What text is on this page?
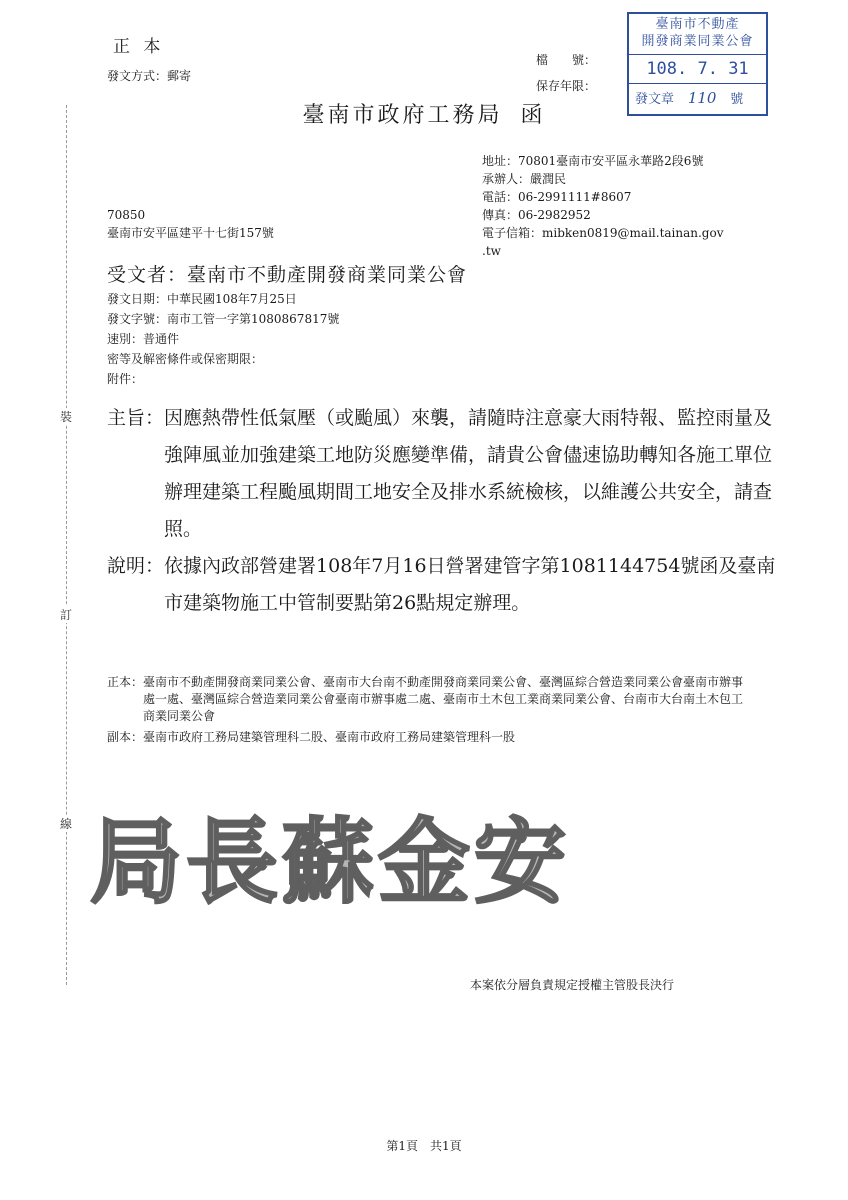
裝
訂
線
正 本
發文方式：郵寄
檔　　號：
保存年限：
臺南市不動產
開發商業同業公會
108. 7. 31
發文章 110 號
臺南市政府工務局 函
地址：70801臺南市安平區永華路2段6號
承辦人：嚴潤民
電話：06-2991111#8607
傳真：06-2982952
電子信箱：mibken0819@mail.tainan.gov
.tw
70850
臺南市安平區建平十七街157號
受文者：臺南市不動產開發商業同業公會
發文日期：中華民國108年7月25日
發文字號：南市工管一字第1080867817號
速別：普通件
密等及解密條件或保密期限：
附件：
主旨： 因應熱帶性低氣壓（或颱風）來襲，請隨時注意豪大雨特報、監控雨量及強陣風並加強建築工地防災應變準備，請貴公會儘速協助轉知各施工單位辦理建築工程颱風期間工地安全及排水系統檢核，以維護公共安全，請查照。
說明： 依據內政部營建署108年7月16日營署建管字第1081144754號函及臺南市建築物施工中管制要點第26點規定辦理。
正本： 臺南市不動產開發商業同業公會、臺南市大台南不動產開發商業同業公會、臺灣區綜合營造業同業公會臺南市辦事處一處、臺灣區綜合營造業同業公會臺南市辦事處二處、臺南市土木包工業商業同業公會、台南市大台南土木包工商業同業公會
副本： 臺南市政府工務局建築管理科二股、臺南市政府工務局建築管理科一股
局長蘇金安
本案依分層負責規定授權主管股長決行
第1頁　共1頁
